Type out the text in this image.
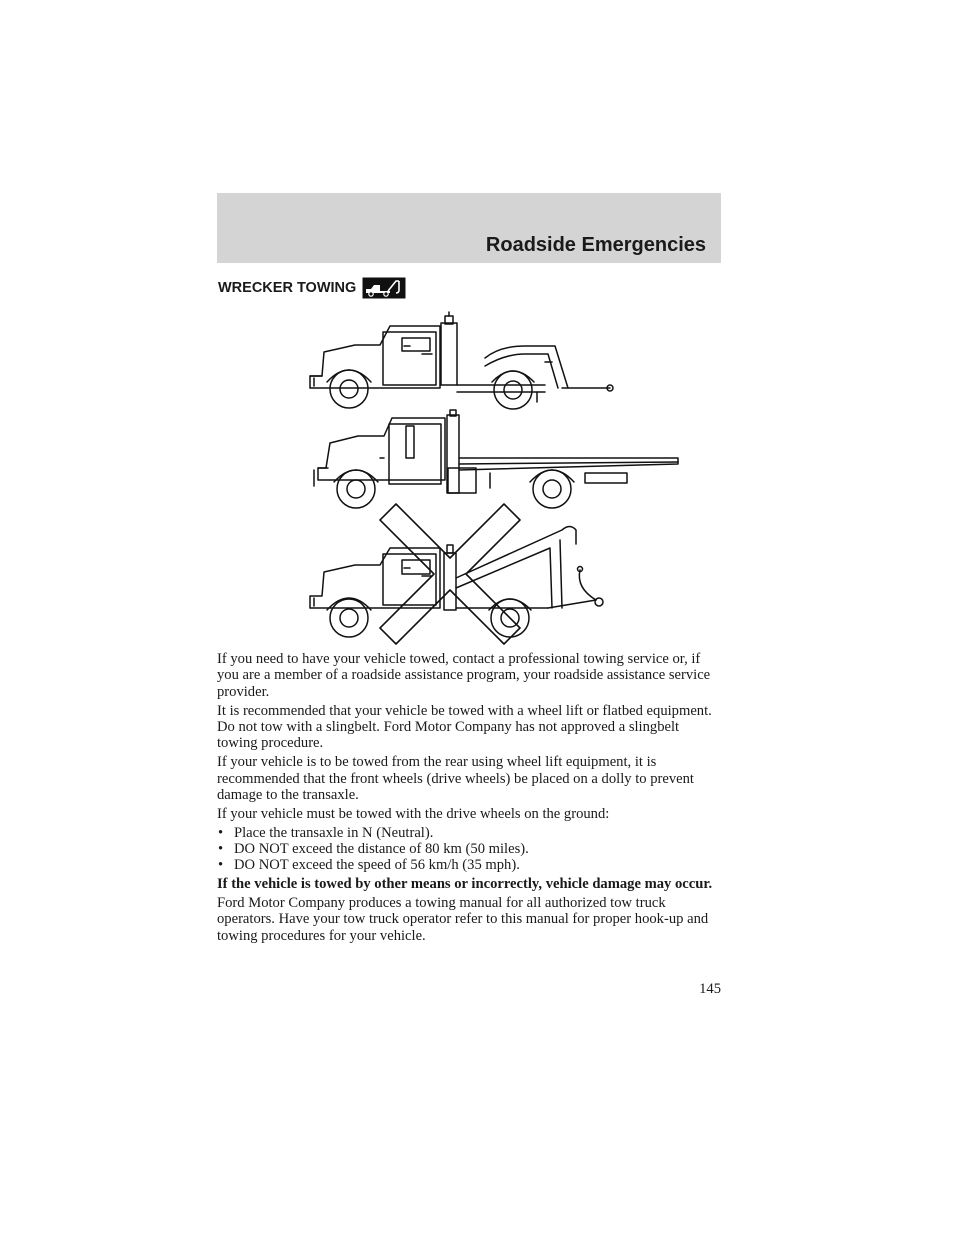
Roadside Emergencies
WRECKER TOWING

If you need to have your vehicle towed, contact a professional towing service or, if you are a member of a roadside assistance program, your roadside assistance service provider.

It is recommended that your vehicle be towed with a wheel lift or flatbed equipment. Do not tow with a slingbelt. Ford Motor Company has not approved a slingbelt towing procedure.

If your vehicle is to be towed from the rear using wheel lift equipment, it is recommended that the front wheels (drive wheels) be placed on a dolly to prevent damage to the transaxle.

If your vehicle must be towed with the drive wheels on the ground:

• Place the transaxle in N (Neutral).
• DO NOT exceed the distance of 80 km (50 miles).
• DO NOT exceed the speed of 56 km/h (35 mph).

If the vehicle is towed by other means or incorrectly, vehicle damage may occur.

Ford Motor Company produces a towing manual for all authorized tow truck operators. Have your tow truck operator refer to this manual for proper hook-up and towing procedures for your vehicle.

145
